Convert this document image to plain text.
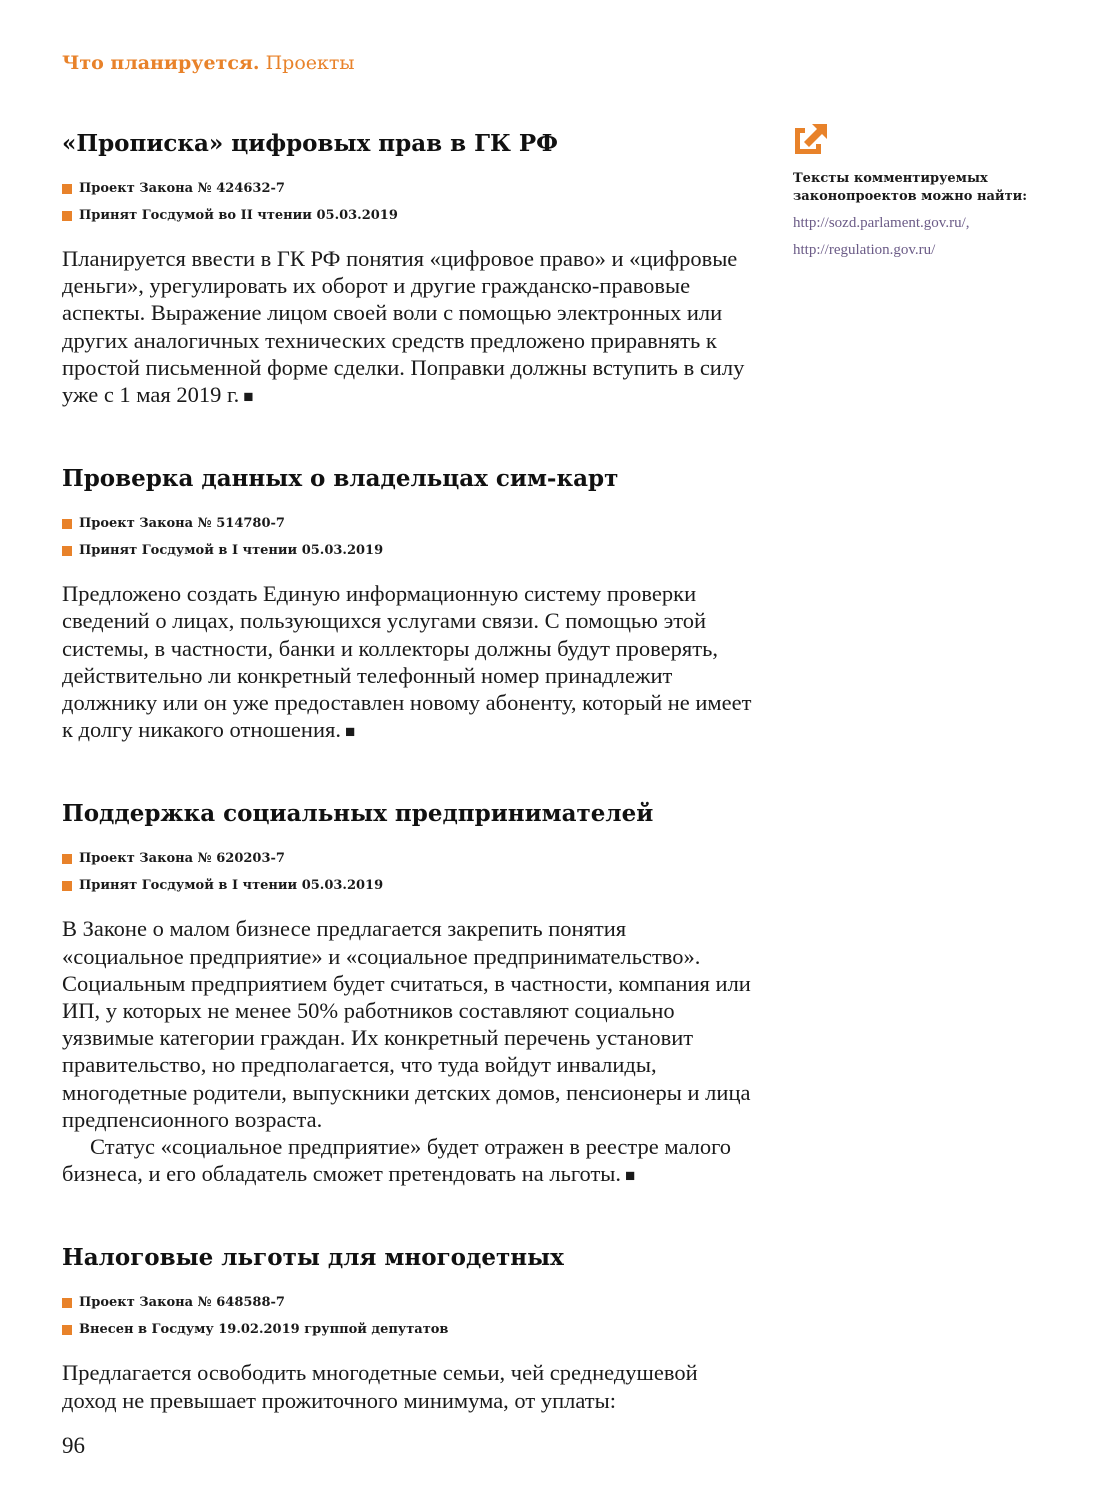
Что планируется. Проекты
«Прописка» цифровых прав в ГК РФ
Проект Закона № 424632-7
Принят Госдумой во II чтении 05.03.2019

Планируется ввести в ГК РФ понятия «цифровое право» и «цифровые деньги», урегулировать их оборот и другие гражданско-правовые аспекты. Выражение лицом своей воли с помощью электронных или других аналогичных технических средств предложено приравнять к простой письменной форме сделки. Поправки должны вступить в силу уже с 1 мая 2019 г. ■

Проверка данных о владельцах сим-карт
Проект Закона № 514780-7
Принят Госдумой в I чтении 05.03.2019

Предложено создать Единую информационную систему проверки сведений о лицах, пользующихся услугами связи. С помощью этой системы, в частности, банки и коллекторы должны будут проверять, действительно ли конкретный телефонный номер принадлежит должнику или он уже предоставлен новому абоненту, который не имеет к долгу никакого отношения. ■

Поддержка социальных предпринимателей
Проект Закона № 620203-7
Принят Госдумой в I чтении 05.03.2019

В Законе о малом бизнесе предлагается закрепить понятия «социальное предприятие» и «социальное предпринимательство». Социальным предприятием будет считаться, в частности, компания или ИП, у которых не менее 50% работников составляют социально уязвимые категории граждан. Их конкретный перечень установит правительство, но предполагается, что туда войдут инвалиды, многодетные родители, выпускники детских домов, пенсионеры и лица предпенсионного возраста.

Статус «социальное предприятие» будет отражен в реестре малого бизнеса, и его обладатель сможет претендовать на льготы. ■

Налоговые льготы для многодетных
Проект Закона № 648588-7
Внесен в Госдуму 19.02.2019 группой депутатов

Предлагается освободить многодетные семьи, чей среднедушевой доход не превышает прожиточного минимума, от уплаты:

Тексты комментируемых законопроектов можно найти:
http://sozd.parlament.gov.ru/,
http://regulation.gov.ru/
96
